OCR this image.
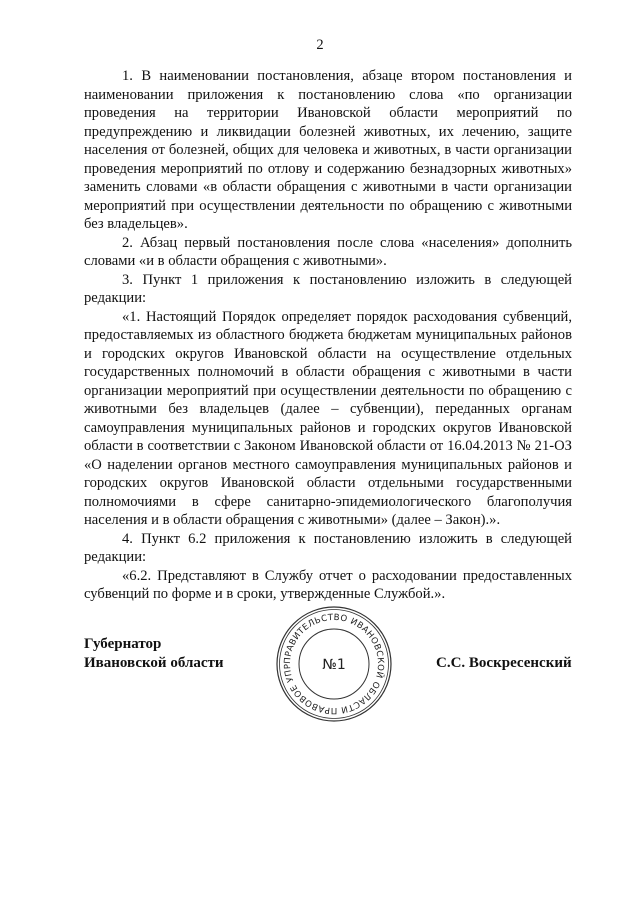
2

1. В наименовании постановления, абзаце втором постановления и наименовании приложения к постановлению слова «по организации проведения на территории Ивановской области мероприятий по предупреждению и ликвидации болезней животных, их лечению, защите населения от болезней, общих для человека и животных, в части организации проведения мероприятий по отлову и содержанию безнадзорных животных» заменить словами «в области обращения с животными в части организации мероприятий при осуществлении деятельности по обращению с животными без владельцев».

2. Абзац первый постановления после слова «населения» дополнить словами «и в области обращения с животными».

3. Пункт 1 приложения к постановлению изложить в следующей редакции:

«1. Настоящий Порядок определяет порядок расходования субвенций, предоставляемых из областного бюджета бюджетам муниципальных районов и городских округов Ивановской области на осуществление отдельных государственных полномочий в области обращения с животными в части организации мероприятий при осуществлении деятельности по обращению с животными без владельцев (далее – субвенции), переданных органам самоуправления муниципальных районов и городских округов Ивановской области в соответствии с Законом Ивановской области от 16.04.2013 № 21-ОЗ «О наделении органов местного самоуправления муниципальных районов и городских округов Ивановской области отдельными государственными полномочиями в сфере санитарно-эпидемиологического благополучия населения и в области обращения с животными» (далее – Закон).».

4. Пункт 6.2 приложения к постановлению изложить в следующей редакции:

«6.2. Представляют в Службу отчет о расходовании предоставленных субвенций по форме и в сроки, утвержденные Службой.».

Губернатор
Ивановской области	С.С. Воскресенский
ПРАВИТЕЛЬСТВО ИВАНОВСКОЙ ОБЛАСТИ ПРАВОВОЕ УПР	№1
